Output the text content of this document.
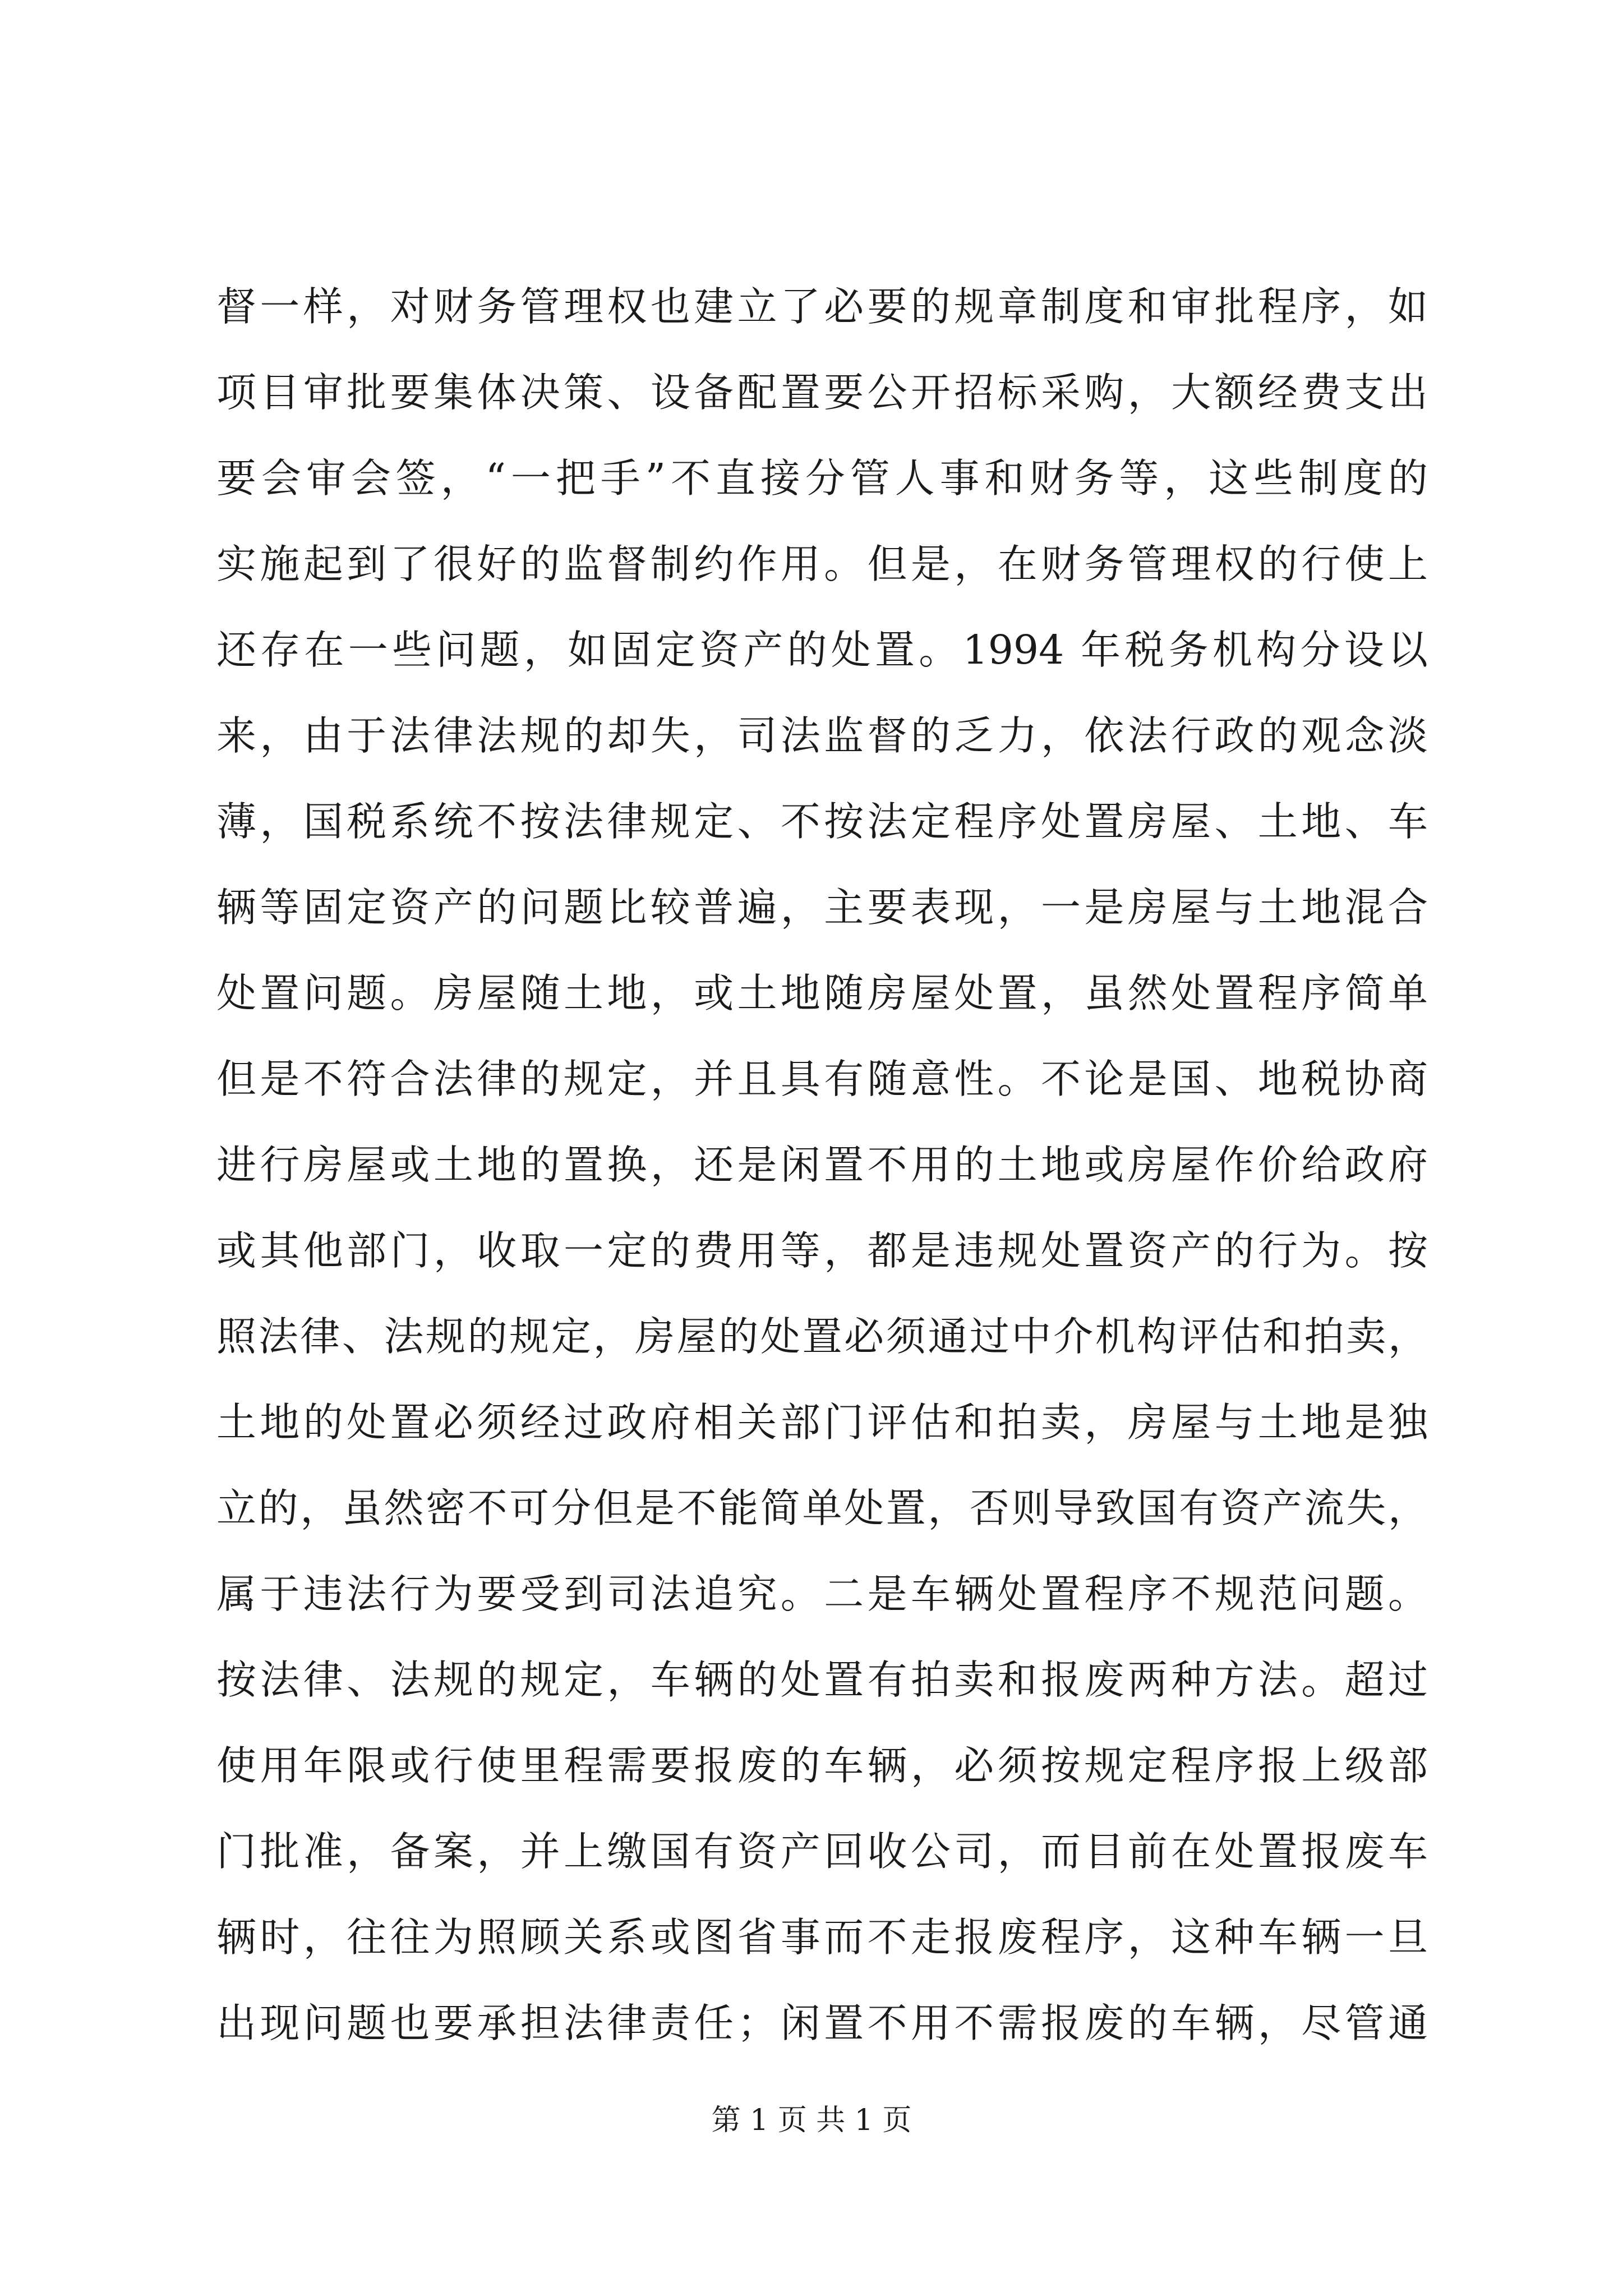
督一样，对财务管理权也建立了必要的规章制度和审批程序，如
项目审批要集体决策、设备配置要公开招标采购，大额经费支出
要会审会签，“一把手”不直接分管人事和财务等，这些制度的
实施起到了很好的监督制约作用。但是，在财务管理权的行使上
还存在一些问题，如固定资产的处置。1994 年税务机构分设以
来，由于法律法规的却失，司法监督的乏力，依法行政的观念淡
薄，国税系统不按法律规定、不按法定程序处置房屋、土地、车
辆等固定资产的问题比较普遍，主要表现，一是房屋与土地混合
处置问题。房屋随土地，或土地随房屋处置，虽然处置程序简单
但是不符合法律的规定，并且具有随意性。不论是国、地税协商
进行房屋或土地的置换，还是闲置不用的土地或房屋作价给政府
或其他部门，收取一定的费用等，都是违规处置资产的行为。按
照法律、法规的规定，房屋的处置必须通过中介机构评估和拍卖，
土地的处置必须经过政府相关部门评估和拍卖，房屋与土地是独
立的，虽然密不可分但是不能简单处置，否则导致国有资产流失，
属于违法行为要受到司法追究。二是车辆处置程序不规范问题。
按法律、法规的规定，车辆的处置有拍卖和报废两种方法。超过
使用年限或行使里程需要报废的车辆，必须按规定程序报上级部
门批准，备案，并上缴国有资产回收公司，而目前在处置报废车
辆时，往往为照顾关系或图省事而不走报废程序，这种车辆一旦
出现问题也要承担法律责任；闲置不用不需报废的车辆，尽管通
第 1 页 共 1 页
